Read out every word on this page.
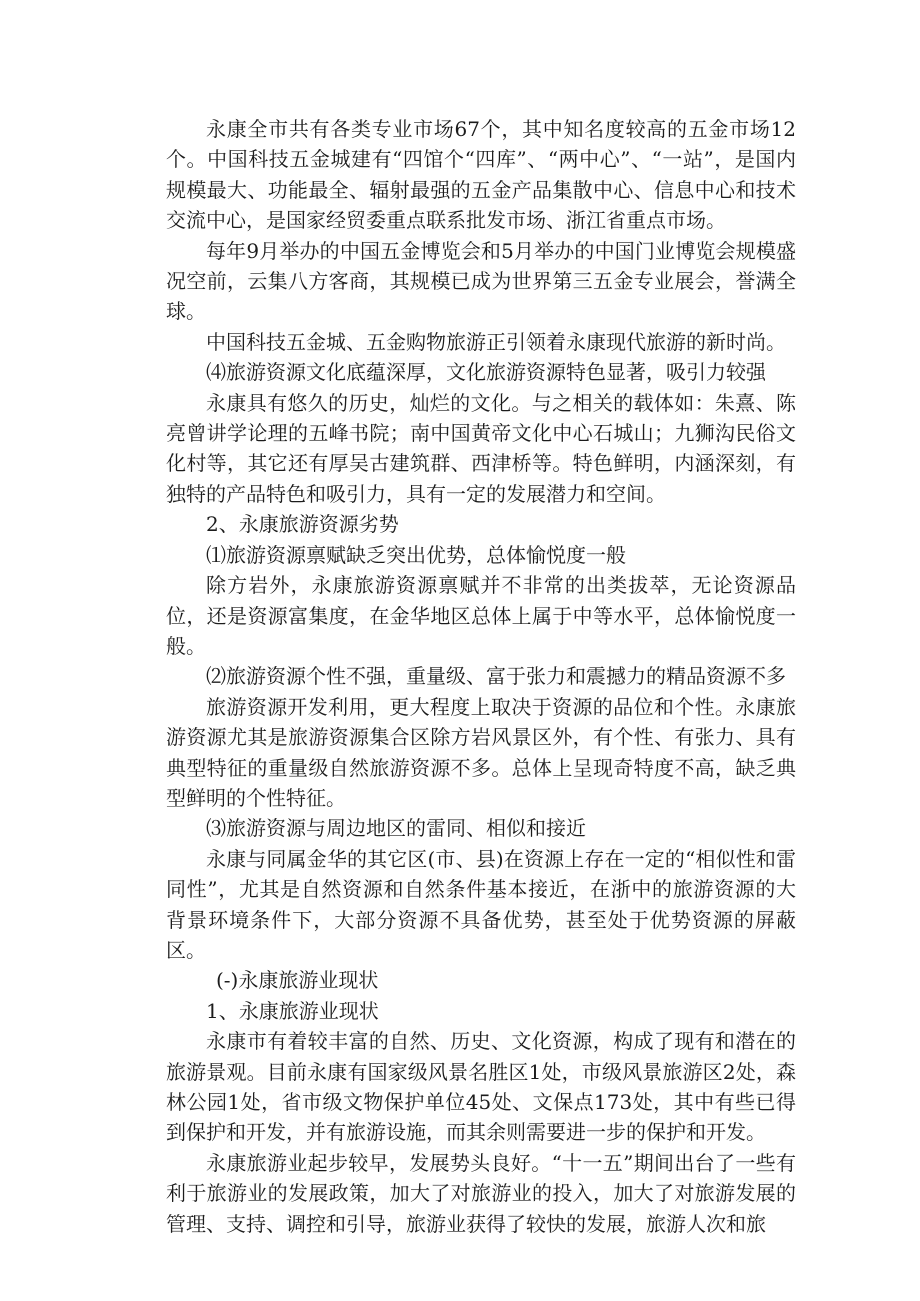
永康全市共有各类专业市场67个，其中知名度较高的五金市场12个。中国科技五金城建有“四馆个“四库”、“两中心”、“一站”，是国内规模最大、功能最全、辐射最强的五金产品集散中心、信息中心和技术交流中心，是国家经贸委重点联系批发市场、浙江省重点市场。

每年9月举办的中国五金博览会和5月举办的中国门业博览会规模盛况空前，云集八方客商，其规模已成为世界第三五金专业展会，誉满全球。

中国科技五金城、五金购物旅游正引领着永康现代旅游的新时尚。

⑷旅游资源文化底蕴深厚，文化旅游资源特色显著，吸引力较强

永康具有悠久的历史，灿烂的文化。与之相关的载体如：朱熹、陈亮曾讲学论理的五峰书院；南中国黄帝文化中心石城山；九狮沟民俗文化村等，其它还有厚吴古建筑群、西津桥等。特色鲜明，内涵深刻，有独特的产品特色和吸引力，具有一定的发展潜力和空间。

2、永康旅游资源劣势

⑴旅游资源禀赋缺乏突出优势，总体愉悦度一般

除方岩外，永康旅游资源禀赋并不非常的出类拔萃，无论资源品位，还是资源富集度，在金华地区总体上属于中等水平，总体愉悦度一般。

⑵旅游资源个性不强，重量级、富于张力和震撼力的精品资源不多

旅游资源开发利用，更大程度上取决于资源的品位和个性。永康旅游资源尤其是旅游资源集合区除方岩风景区外，有个性、有张力、具有典型特征的重量级自然旅游资源不多。总体上呈现奇特度不高，缺乏典型鲜明的个性特征。

⑶旅游资源与周边地区的雷同、相似和接近

永康与同属金华的其它区(市、县)在资源上存在一定的“相似性和雷同性”，尤其是自然资源和自然条件基本接近，在浙中的旅游资源的大背景环境条件下，大部分资源不具备优势，甚至处于优势资源的屏蔽区。

(-)永康旅游业现状

1、永康旅游业现状

永康市有着较丰富的自然、历史、文化资源，构成了现有和潜在的旅游景观。目前永康有国家级风景名胜区1处，市级风景旅游区2处，森林公园1处，省市级文物保护单位45处、文保点173处，其中有些已得到保护和开发，并有旅游设施，而其余则需要进一步的保护和开发。

永康旅游业起步较早，发展势头良好。“十一五”期间出台了一些有利于旅游业的发展政策，加大了对旅游业的投入，加大了对旅游发展的管理、支持、调控和引导，旅游业获得了较快的发展，旅游人次和旅
